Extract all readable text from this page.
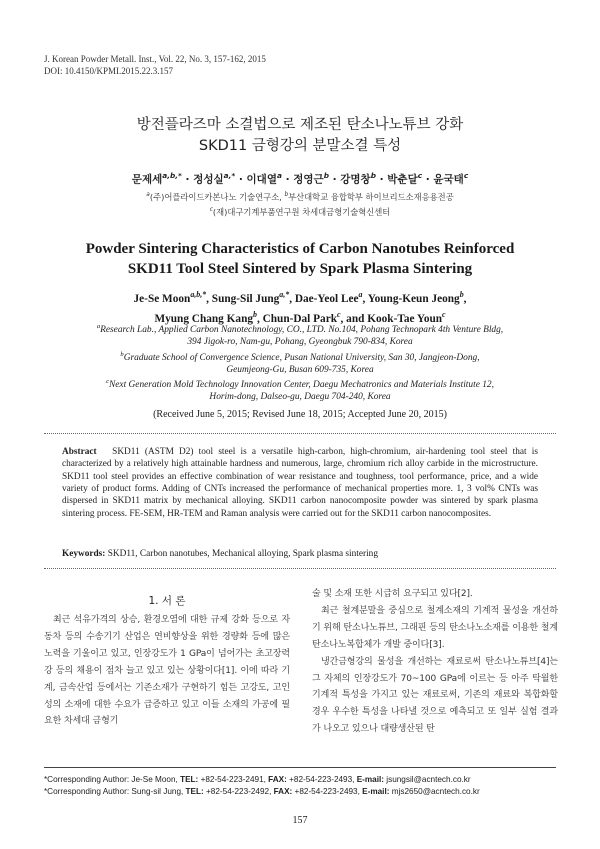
J. Korean Powder Metall. Inst., Vol. 22, No. 3, 157-162, 2015
DOI: 10.4150/KPMI.2015.22.3.157
방전플라즈마 소결법으로 제조된 탄소나노튜브 강화
SKD11 금형강의 분말소결 특성
문제세$^{a,b,*}$ · 정성실$^{a,*}$ · 이대열$^a$ · 정영근$^b$ · 강명창$^b$ · 박춘달$^c$ · 윤국태$^c$
$^a$(주)어플라이드카본나노 기술연구소, $^b$부산대학교 융합학부 하이브리드소재응용전공
$^c$(재)대구기계부품연구원 차세대금형기술혁신센터
Powder Sintering Characteristics of Carbon Nanotubes Reinforced
SKD11 Tool Steel Sintered by Spark Plasma Sintering
Je-Se Moon$^{a,b,*}$, Sung-Sil Jung$^{a,*}$, Dae-Yeol Lee$^a$, Young-Keun Jeong$^b$,
Myung Chang Kang$^b$, Chun-Dal Park$^c$, and Kook-Tae Youn$^c$

$^a$Research Lab., Applied Carbon Nanotechnology, CO., LTD. No.104, Pohang Technopark 4th Venture Bldg,

394 Jigok-ro, Nam-gu, Pohang, Gyeongbuk 790-834, Korea

$^b$Graduate School of Convergence Science, Pusan National University, San 30, Jangjeon-Dong,

Geumjeong-Gu, Busan 609-735, Korea

$^c$Next Generation Mold Technology Innovation Center, Daegu Mechatronics and Materials Institute 12,

Horim-dong, Dalseo-gu, Daegu 704-240, Korea

(Received June 5, 2015; Revised June 18, 2015; Accepted June 20, 2015)
Abstract SKD11 (ASTM D2) tool steel is a versatile high-carbon, high-chromium, air-hardening tool steel that is characterized by a relatively high attainable hardness and numerous, large, chromium rich alloy carbide in the microstructure. SKD11 tool steel provides an effective combination of wear resistance and toughness, tool performance, price, and a wide variety of product forms. Adding of CNTs increased the performance of mechanical properties more. 1, 3 vol% CNTs was dispersed in SKD11 matrix by mechanical alloying. SKD11 carbon nanocomposite powder was sintered by spark plasma sintering process. FE-SEM, HR-TEM and Raman analysis were carried out for the SKD11 carbon nanocomposites.
Keywords: SKD11, Carbon nanotubes, Mechanical alloying, Spark plasma sintering
1. 서 론
최근 석유가격의 상승, 환경오염에 대한 규제 강화 등으로 자동차 등의 수송기기 산업은 연비향상을 위한 경량화 등에 많은 노력을 기울이고 있고, 인장강도가 1 GPa이 넘어가는 초고장력강 등의 채용이 점차 늘고 있고 있는 상황이다[1]. 이에 따라 기계, 금속산업 등에서는 기존소재가 구현하기 힘든 고강도, 고인성의 소재에 대한 수요가 급증하고 있고 이들 소재의 가공에 필요한 차세대 금형기
술 및 소재 또한 시급히 요구되고 있다[2].
최근 철계분말을 중심으로 철계소재의 기계적 물성을 개선하기 위해 탄소나노튜브, 그래핀 등의 탄소나노소재를 이용한 철계 탄소나노복합체가 개발 중이다[3].
냉간금형강의 물성을 개선하는 재료로써 탄소나노튜브[4]는 그 자체의 인장강도가 70~100 GPa에 이르는 등 아주 탁월한 기계적 특성을 가지고 있는 재료로써, 기존의 재료와 복합화할 경우 우수한 특성을 나타낼 것으로 예측되고 또 일부 실험 결과가 나오고 있으나 대량생산된 탄
*Corresponding Author: Je-Se Moon, TEL: +82-54-223-2491, FAX: +82-54-223-2493, E-mail: jsungsil@acntech.co.kr
*Corresponding Author: Sung-sil Jung, TEL: +82-54-223-2492, FAX: +82-54-223-2493, E-mail: mjs2650@acntech.co.kr
157
